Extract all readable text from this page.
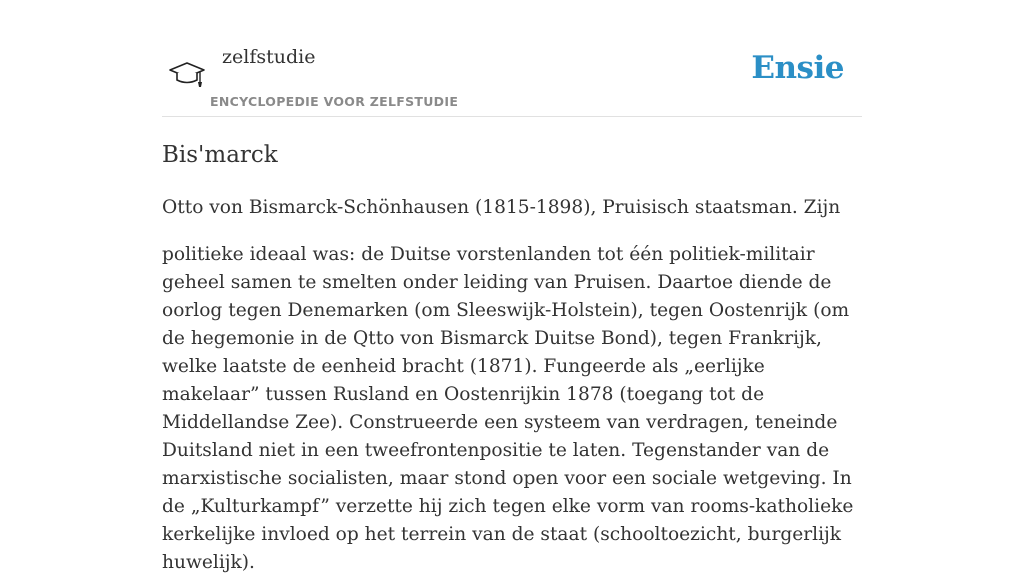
zelfstudie
ENCYCLOPEDIE VOOR ZELFSTUDIE
Ensie
Bis'marck

Otto von Bismarck-Schönhausen (1815-1898), Pruisisch staatsman. Zijn

politieke ideaal was: de Duitse vorstenlanden tot één politiek-militair geheel samen te smelten onder leiding van Pruisen. Daartoe diende de oorlog tegen Denemarken (om Sleeswijk-Holstein), tegen Oostenrijk (om de hegemonie in de Qtto von Bismarck Duitse Bond), tegen Frankrijk, welke laatste de eenheid bracht (1871). Fungeerde als „eerlijke makelaar” tussen Rusland en Oostenrijkin 1878 (toegang tot de Middellandse Zee). Construeerde een systeem van verdragen, teneinde Duitsland niet in een tweefrontenpositie te laten. Tegenstander van de marxistische socialisten, maar stond open voor een sociale wetgeving. In de „Kulturkampf” verzette hij zich tegen elke vorm van rooms-katholieke kerkelijke invloed op het terrein van de staat (schooltoezicht, burgerlijk huwelijk).
